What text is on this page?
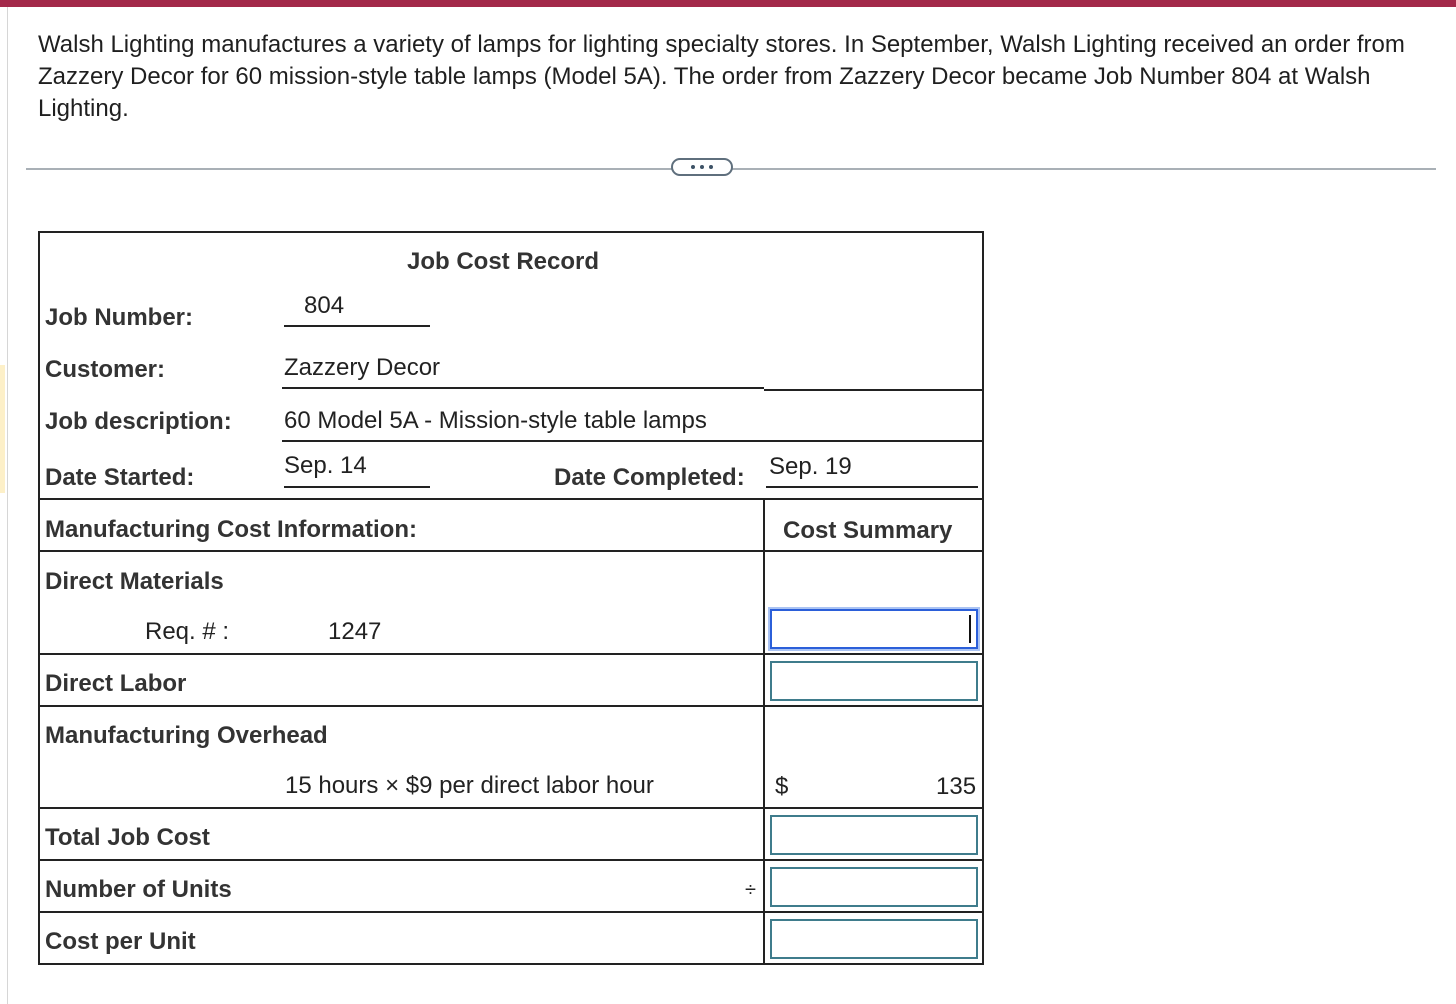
Walsh Lighting manufactures a variety of lamps for lighting specialty stores. In September, Walsh Lighting received an order from Zazzery Decor for 60 mission-style table lamps (Model 5A). The order from Zazzery Decor became Job Number 804 at Walsh Lighting.

Job Cost Record
Job Number:	804
Customer:	Zazzery Decor
Job description: 60 Model 5A - Mission-style table lamps
Date Started:	Sep. 14	Date Completed: Sep. 19
Manufacturing Cost Information:	Cost Summary
Direct Materials
Req. # :	1247
Direct Labor
Manufacturing Overhead
15 hours × $9 per direct labor hour	$	135
Total Job Cost
Number of Units	÷
Cost per Unit
